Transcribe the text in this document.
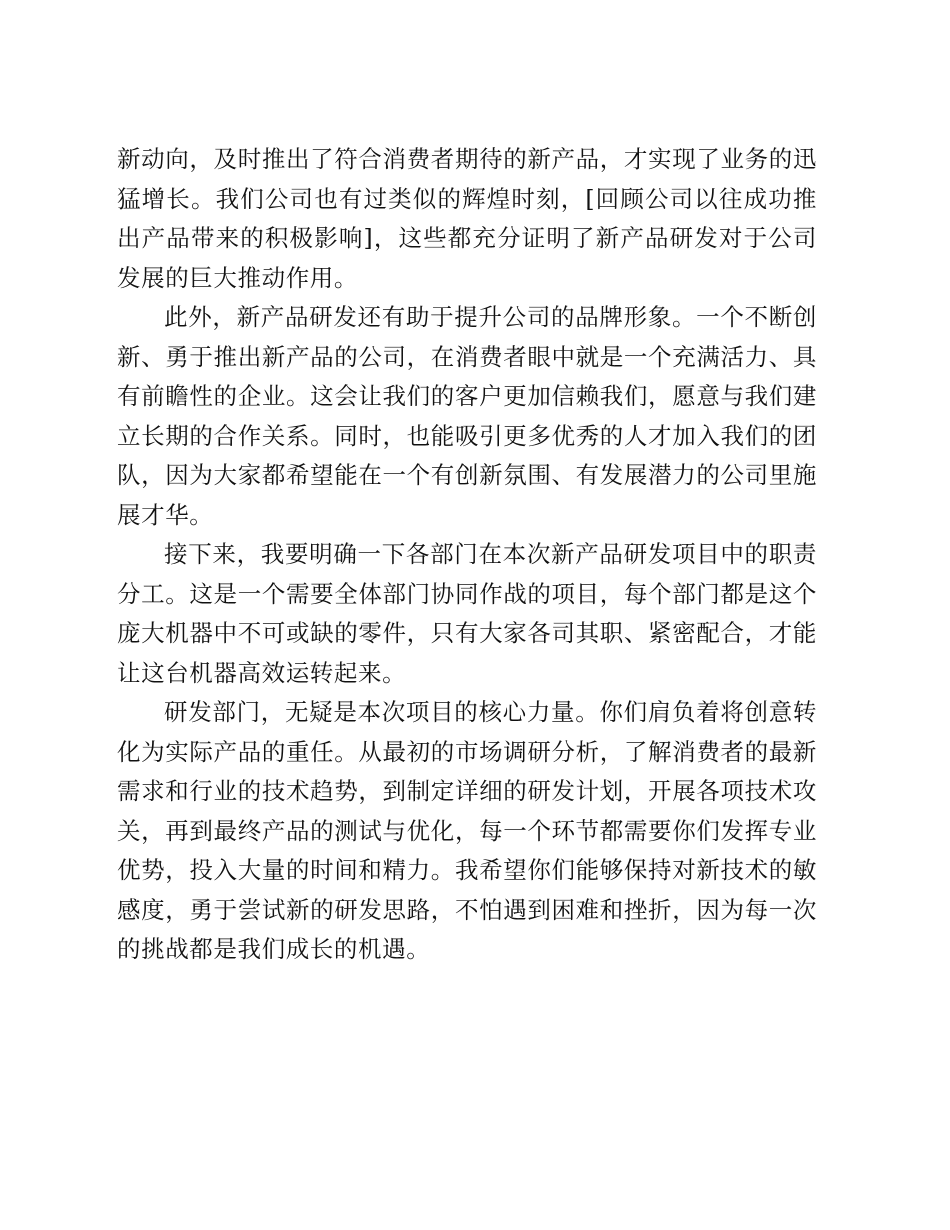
新动向，及时推出了符合消费者期待的新产品，才实现了业务的迅猛增长。我们公司也有过类似的辉煌时刻，[回顾公司以往成功推出产品带来的积极影响]，这些都充分证明了新产品研发对于公司发展的巨大推动作用。

此外，新产品研发还有助于提升公司的品牌形象。一个不断创新、勇于推出新产品的公司，在消费者眼中就是一个充满活力、具有前瞻性的企业。这会让我们的客户更加信赖我们，愿意与我们建立长期的合作关系。同时，也能吸引更多优秀的人才加入我们的团队，因为大家都希望能在一个有创新氛围、有发展潜力的公司里施展才华。

接下来，我要明确一下各部门在本次新产品研发项目中的职责分工。这是一个需要全体部门协同作战的项目，每个部门都是这个庞大机器中不可或缺的零件，只有大家各司其职、紧密配合，才能让这台机器高效运转起来。

研发部门，无疑是本次项目的核心力量。你们肩负着将创意转化为实际产品的重任。从最初的市场调研分析，了解消费者的最新需求和行业的技术趋势，到制定详细的研发计划，开展各项技术攻关，再到最终产品的测试与优化，每一个环节都需要你们发挥专业优势，投入大量的时间和精力。我希望你们能够保持对新技术的敏感度，勇于尝试新的研发思路，不怕遇到困难和挫折，因为每一次的挑战都是我们成长的机遇。
